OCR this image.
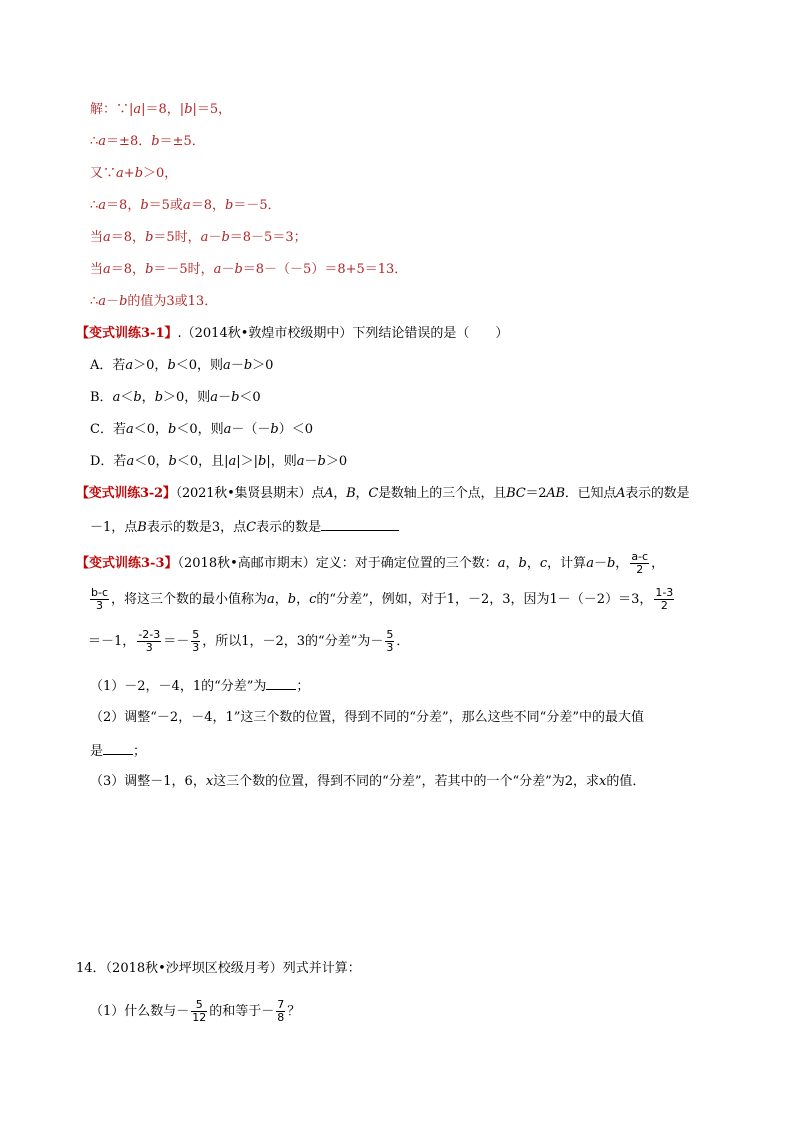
解：∵|a|＝8，|b|＝5，
∴a＝±8．b＝±5．
又∵a+b＞0，
∴a＝8，b＝5或a＝8，b＝－5．
当a＝8，b＝5时，a－b＝8－5＝3；
当a＝8，b＝－5时，a－b＝8－（－5）＝8+5＝13．
∴a－b的值为3或13．
【变式训练3-1】.（2014秋•敦煌市校级期中）下列结论错误的是（　　）
A．若a＞0，b＜0，则a－b＞0
B．a＜b，b＞0，则a－b＜0
C．若a＜0，b＜0，则a－（－b）＜0
D．若a＜0，b＜0，且|a|＞|b|，则a－b＞0
【变式训练3-2】（2021秋•集贤县期末）点A，B，C是数轴上的三个点，且BC＝2AB．已知点A表示的数是
－1，点B表示的数是3，点C表示的数是
【变式训练3-3】（2018秋•高邮市期末）定义：对于确定位置的三个数：a，b，c，计算a－b， $\frac{a-c}{2}$ ，
$\frac{b-c}{3}$ ，将这三个数的最小值称为a，b，c的“分差”，例如，对于1，－2，3，因为1－（－2）＝3， $\frac{1-3}{2}$
＝－1， $\frac{-2-3}{3} =- \frac{5}{3}$ ，所以1，－2，3的“分差”为－ $\frac{5}{3}$ ．
（1）－2，－4，1的“分差”为 ；
（2）调整“－2，－4，1”这三个数的位置，得到不同的“分差”，那么这些不同“分差”中的最大值
是 ；
（3）调整－1，6，x这三个数的位置，得到不同的“分差”，若其中的一个“分差”为2，求x的值．
14．（2018秋•沙坪坝区校级月考）列式并计算：
（1）什么数与－ $\frac{5}{12}$ 的和等于－ $\frac{7}{8}$ ？
